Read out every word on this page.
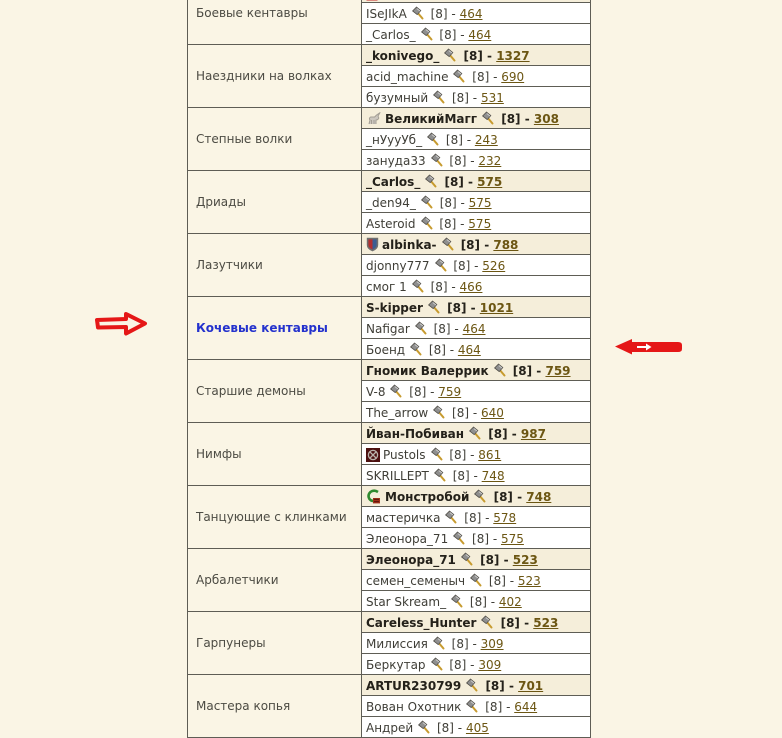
Боевые кентавры	
	ISeJIkA [8] - 464
	_Carlos_ [8] - 464
Наездники на волках	_konivego_ [8] - 1327
	acid_machine [8] - 690
	бузумный [8] - 531
Степные волки	ВеликийМагг [8] - 308
	_нУууУб_ [8] - 243
	зануда33 [8] - 232
Дриады	_Carlos_ [8] - 575
	_den94_ [8] - 575
	Asteroid [8] - 575
Лазутчики	albinka- [8] - 788
	djonny777 [8] - 526
	смог 1 [8] - 466
Кочевые кентавры	S-kipper [8] - 1021
	Nafigar [8] - 464
	Боенд [8] - 464
Старшие демоны	Гномик Валеррик [8] - 759
	V-8 [8] - 759
	The_arrow [8] - 640
Нимфы	Йван-Побиван [8] - 987
	Pustols [8] - 861
	SKRILLEPT [8] - 748
Танцующие с клинками	Монстробой [8] - 748
	мастеричка [8] - 578
	Элеонора_71 [8] - 575
Арбалетчики	Элеонора_71 [8] - 523
	семен_семеныч [8] - 523
	Star Skream_ [8] - 402
Гарпунеры	Careless_Hunter [8] - 523
	Милиссия [8] - 309
	Беркутар [8] - 309
Мастера копья	ARTUR230799 [8] - 701
	Вован Охотник [8] - 644
	Андрей [8] - 405
